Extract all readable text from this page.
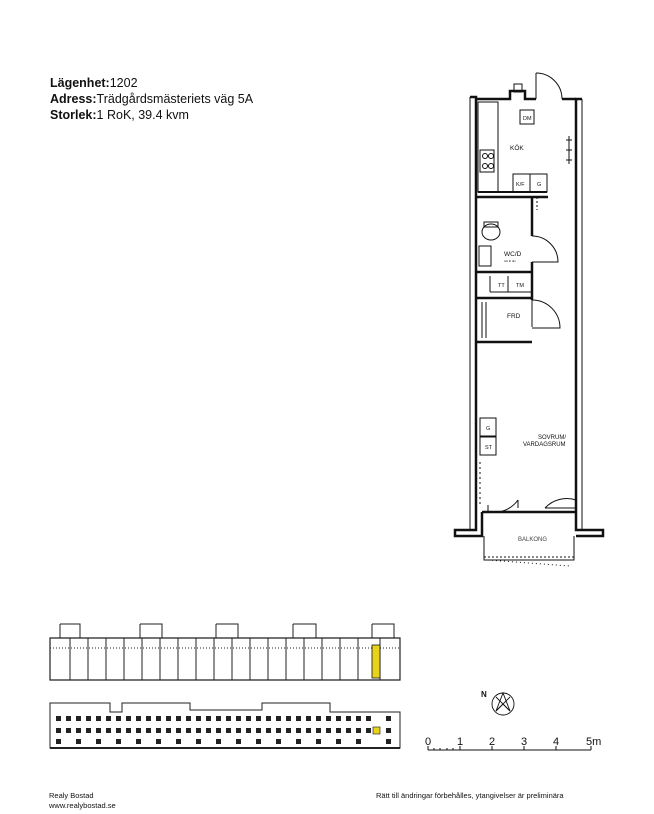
Lägenhet:1202
Adress:Trädgårdsmästeriets väg 5A
Storlek:1 RoK, 39.4 kvm
KÖK
DM
K/F G
WC/D
tvtt lit dm
TT TM
FRD
G
ST
SOVRUM/
VARDAGSRUM
BALKONG
N
0 1 2 3 4 5m
Realy Bostad
www.realybostad.se
Rätt till ändringar förbehålles, ytangivelser är preliminära
